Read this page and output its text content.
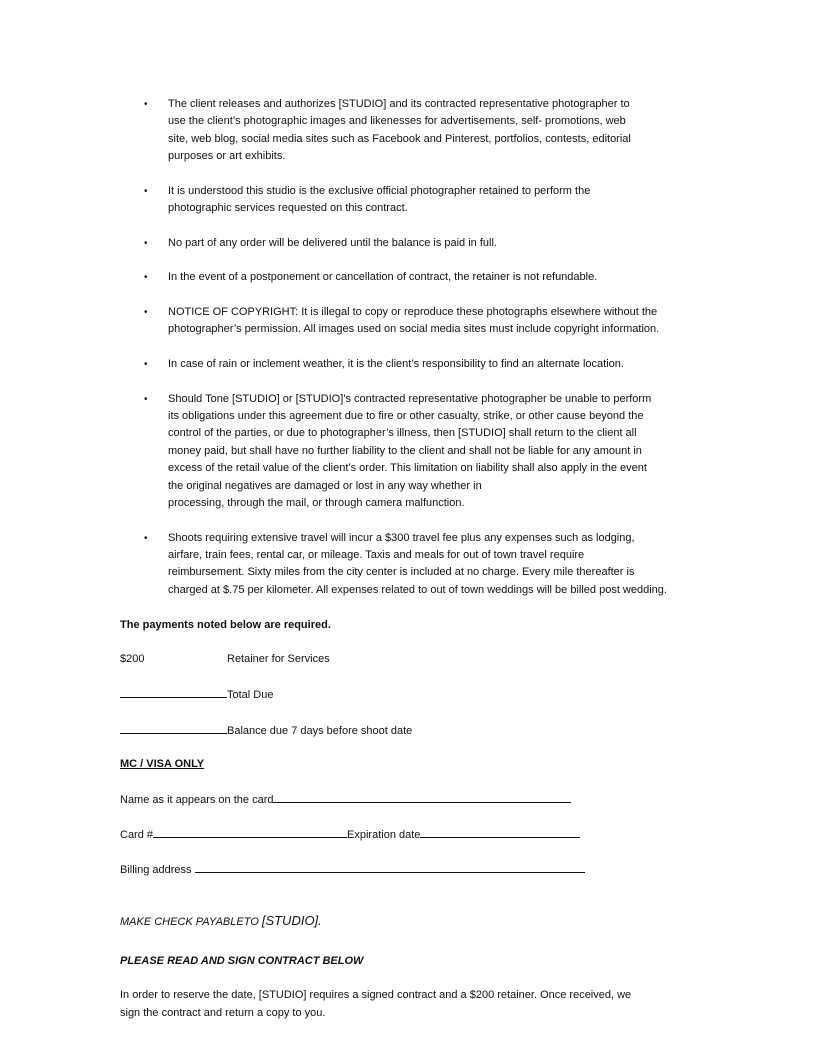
• The client releases and authorizes [STUDIO] and its contracted representative photographer to
use the client’s photographic images and likenesses for advertisements, self- promotions, web
site, web blog, social media sites such as Facebook and Pinterest, portfolios, contests, editorial
purposes or art exhibits.
• It is understood this studio is the exclusive official photographer retained to perform the
photographic services requested on this contract.
• No part of any order will be delivered until the balance is paid in full.
• In the event of a postponement or cancellation of contract, the retainer is not refundable.
• NOTICE OF COPYRIGHT: It is illegal to copy or reproduce these photographs elsewhere without the
photographer’s permission. All images used on social media sites must include copyright information.
• In case of rain or inclement weather, it is the client’s responsibility to find an alternate location.
• Should Tone [STUDIO] or [STUDIO]’s contracted representative photographer be unable to perform
its obligations under this agreement due to fire or other casualty, strike, or other cause beyond the
control of the parties, or due to photographer’s illness, then [STUDIO] shall return to the client all
money paid, but shall have no further liability to the client and shall not be liable for any amount in
excess of the retail value of the client’s order. This limitation on liability shall also apply in the event
the original negatives are damaged or lost in any way whether in
processing, through the mail, or through camera malfunction.
• Shoots requiring extensive travel will incur a $300 travel fee plus any expenses such as lodging,
airfare, train fees, rental car, or mileage. Taxis and meals for out of town travel require
reimbursement. Sixty miles from the city center is included at no charge. Every mile thereafter is
charged at $.75 per kilometer. All expenses related to out of town weddings will be billed post wedding.
The payments noted below are required.
$200	Retainer for Services
Total Due
Balance due 7 days before shoot date
MC / VISA ONLY
Name as it appears on the card
Card #	Expiration date
Billing address
MAKE CHECK PAYABLETO [STUDIO].
PLEASE READ AND SIGN CONTRACT BELOW
In order to reserve the date, [STUDIO] requires a signed contract and a $200 retainer. Once received, we
sign the contract and return a copy to you.
